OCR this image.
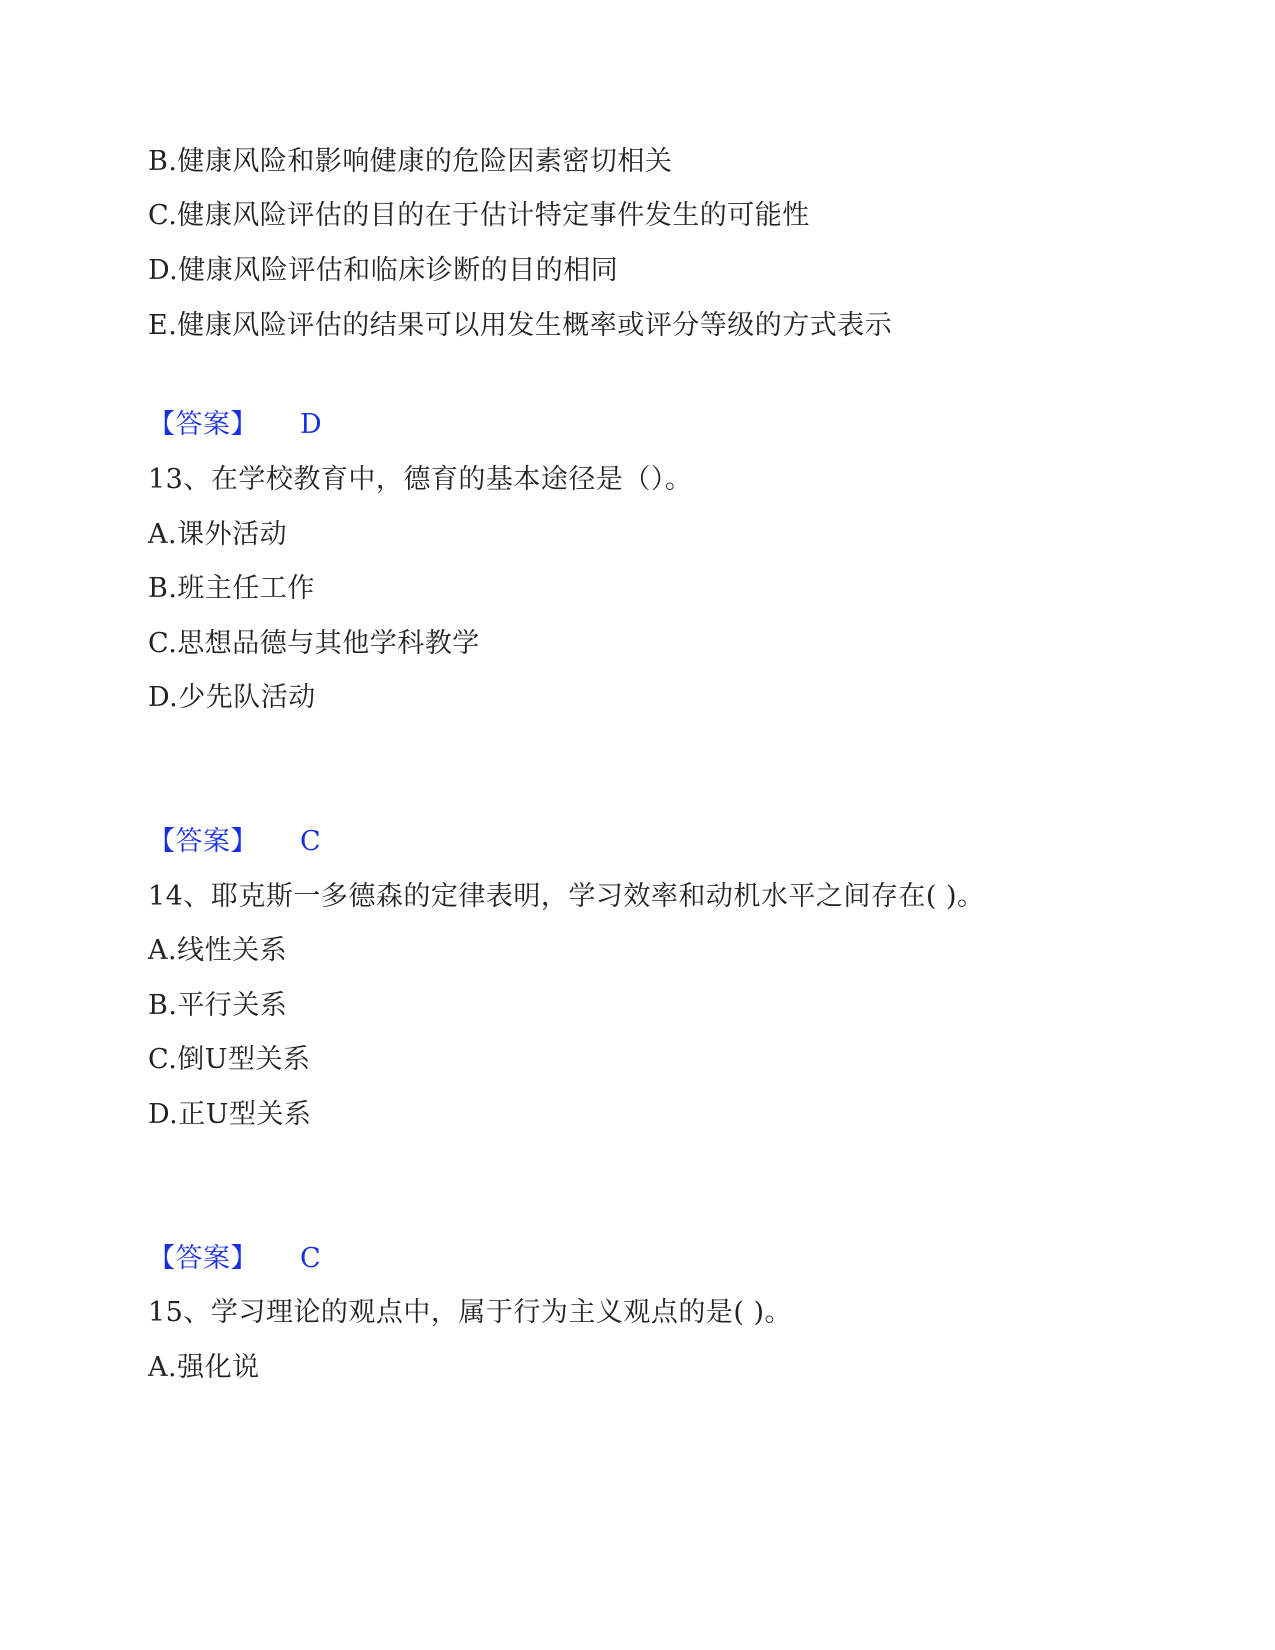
B.健康风险和影响健康的危险因素密切相关
C.健康风险评估的目的在于估计特定事件发生的可能性
D.健康风险评估和临床诊断的目的相同
E.健康风险评估的结果可以用发生概率或评分等级的方式表示
【答案】 D
13、在学校教育中，德育的基本途径是（）。
A.课外活动
B.班主任工作
C.思想品德与其他学科教学
D.少先队活动
【答案】 C
14、耶克斯一多德森的定律表明，学习效率和动机水平之间存在( )。
A.线性关系
B.平行关系
C.倒U型关系
D.正U型关系
【答案】 C
15、学习理论的观点中，属于行为主义观点的是( )。
A.强化说
